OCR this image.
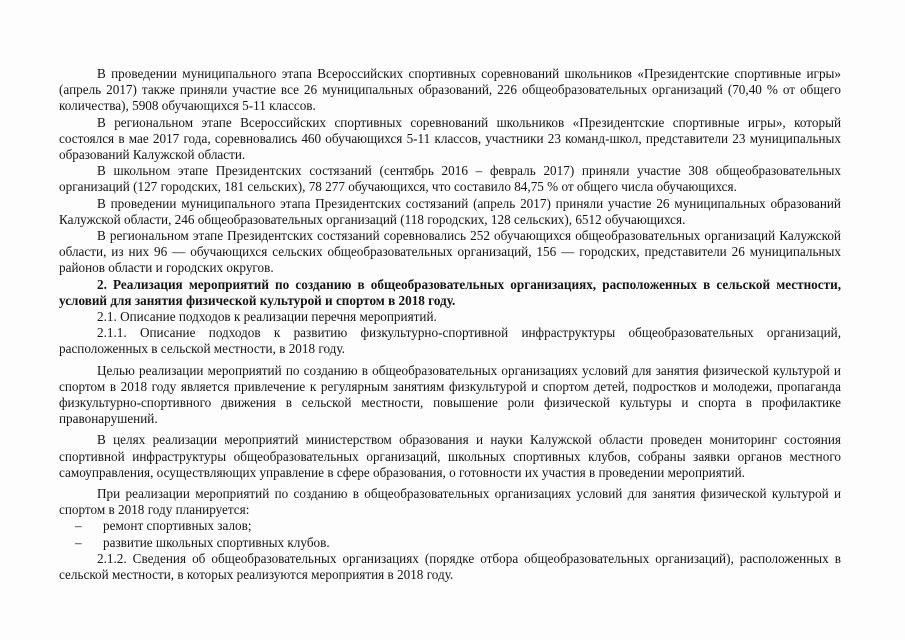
В проведении муниципального этапа Всероссийских спортивных соревнований школьников «Президентские спортивные игры» (апрель 2017) также приняли участие все 26 муниципальных образований, 226 общеобразовательных организаций (70,40 % от общего количества), 5908 обучающихся 5-11 классов.

В региональном этапе Всероссийских спортивных соревнований школьников «Президентские спортивные игры», который состоялся в мае 2017 года, соревновались 460 обучающихся 5-11 классов, участники 23 команд-школ, представители 23 муниципальных образований Калужской области.

В школьном этапе Президентских состязаний (сентябрь 2016 – февраль 2017) приняли участие 308 общеобразовательных организаций (127 городских, 181 сельских), 78 277 обучающихся, что составило 84,75 % от общего числа обучающихся.

В проведении муниципального этапа Президентских состязаний (апрель 2017) приняли участие 26 муниципальных образований Калужской области, 246 общеобразовательных организаций (118 городских, 128 сельских), 6512 обучающихся.

В региональном этапе Президентских состязаний соревновались 252 обучающихся общеобразовательных организаций Калужской области, из них 96 — обучающихся сельских общеобразовательных организаций, 156 — городских, представители 26 муниципальных районов области и городских округов.

2. Реализация мероприятий по созданию в общеобразовательных организациях, расположенных в сельской местности, условий для занятия физической культурой и спортом в 2018 году.

2.1. Описание подходов к реализации перечня мероприятий.

2.1.1. Описание подходов к развитию физкультурно-спортивной инфраструктуры общеобразовательных организаций, расположенных в сельской местности, в 2018 году.

Целью реализации мероприятий по созданию в общеобразовательных организациях условий для занятия физической культурой и спортом в 2018 году является привлечение к регулярным занятиям физкультурой и спортом детей, подростков и молодежи, пропаганда физкультурно-спортивного движения в сельской местности, повышение роли физической культуры и спорта в профилактике правонарушений.

В целях реализации мероприятий министерством образования и науки Калужской области проведен мониторинг состояния спортивной инфраструктуры общеобразовательных организаций, школьных спортивных клубов, собраны заявки органов местного самоуправления, осуществляющих управление в сфере образования, о готовности их участия в проведении мероприятий.

При реализации мероприятий по созданию в общеобразовательных организациях условий для занятия физической культурой и спортом в 2018 году планируется:

–	ремонт спортивных залов;
–	развитие школьных спортивных клубов.

2.1.2. Сведения об общеобразовательных организациях (порядке отбора общеобразовательных организаций), расположенных в сельской местности, в которых реализуются мероприятия в 2018 году.
